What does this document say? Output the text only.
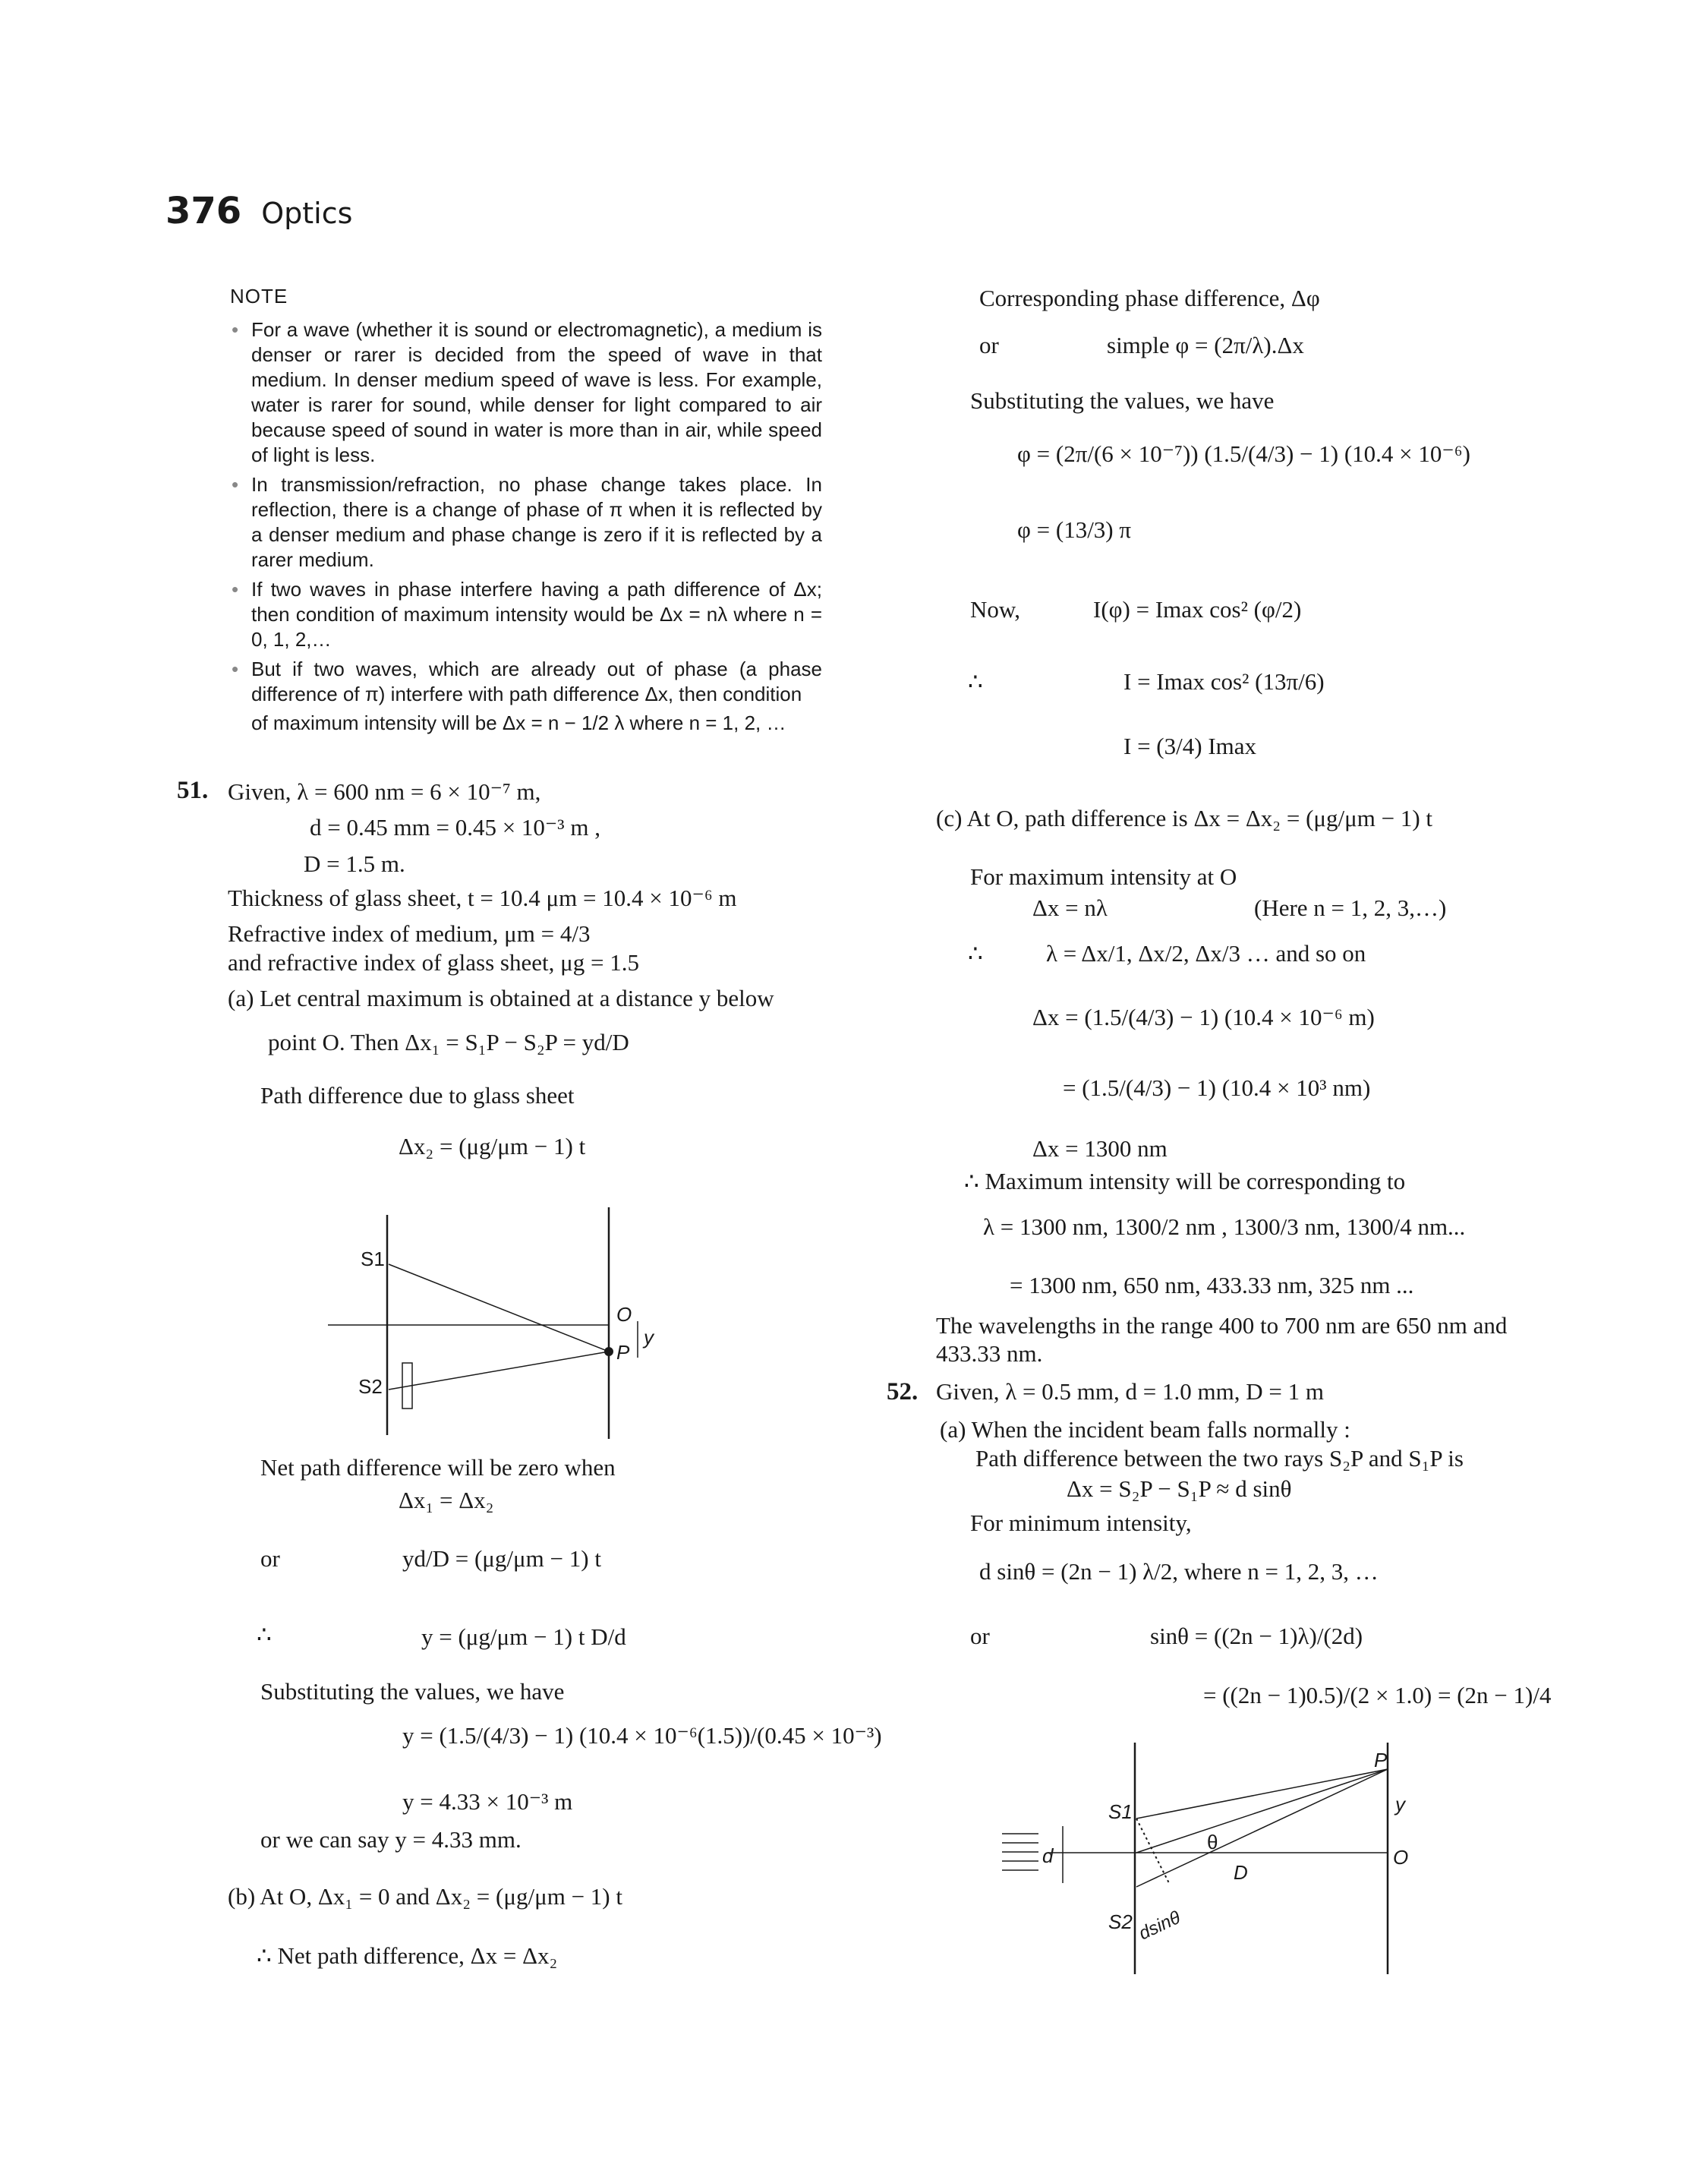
376 Optics
NOTE
• For a wave (whether it is sound or electromagnetic), a medium is denser or rarer is decided from the speed of wave in that medium. In denser medium speed of wave is less. For example, water is rarer for sound, while denser for light compared to air because speed of sound in water is more than in air, while speed of light is less.
• In transmission/refraction, no phase change takes place. In reflection, there is a change of phase of π when it is reflected by a denser medium and phase change is zero if it is reflected by a rarer medium.
• If two waves in phase interfere having a path difference of Δx; then condition of maximum intensity would be Δx = nλ where n = 0, 1, 2,…
• But if two waves, which are already out of phase (a phase difference of π) interfere with path difference Δx, then condition
of maximum intensity will be Δx = n − 1/2 λ where n = 1, 2, …
51. Given, λ = 600 nm = 6 × 10⁻⁷ m,
d = 0.45 mm = 0.45 × 10⁻³ m ,
D = 1.5 m.
Thickness of glass sheet, t = 10.4 μm = 10.4 × 10⁻⁶ m
Refractive index of medium, μm = 4/3
and refractive index of glass sheet, μg = 1.5
(a) Let central maximum is obtained at a distance y below
point O. Then Δx₁ = S₁P − S₂P = yd/D
Path difference due to glass sheet
Δx₂ = (μg/μm − 1) t
S1
S2
O
P
y
Net path difference will be zero when
Δx₁ = Δx₂
or	yd/D = (μg/μm − 1) t
∴	y = (μg/μm − 1) t D/d
Substituting the values, we have
y = (1.5/(4/3) − 1) (10.4 × 10⁻⁶(1.5))/(0.45 × 10⁻³)
y = 4.33 × 10⁻³ m
or we can say y = 4.33 mm.
(b) At O, Δx₁ = 0 and Δx₂ = (μg/μm − 1) t
∴ Net path difference, Δx = Δx₂
Corresponding phase difference, Δφ
or	simple φ = (2π/λ).Δx
Substituting the values, we have
φ = (2π/(6 × 10⁻⁷)) (1.5/(4/3) − 1) (10.4 × 10⁻⁶)
φ = (13/3) π
Now,	I(φ) = Imax cos² (φ/2)
∴	I = Imax cos² (13π/6)
I = (3/4) Imax
(c) At O, path difference is Δx = Δx₂ = (μg/μm − 1) t
For maximum intensity at O
Δx = nλ	(Here n = 1, 2, 3,…)
∴	λ = Δx/1, Δx/2, Δx/3 … and so on
Δx = (1.5/(4/3) − 1) (10.4 × 10⁻⁶ m)
= (1.5/(4/3) − 1) (10.4 × 10³ nm)
Δx = 1300 nm
∴ Maximum intensity will be corresponding to
λ = 1300 nm, 1300/2 nm , 1300/3 nm, 1300/4 nm...
= 1300 nm, 650 nm, 433.33 nm, 325 nm ...
The wavelengths in the range 400 to 700 nm are 650 nm and
433.33 nm.
52. Given, λ = 0.5 mm, d = 1.0 mm, D = 1 m
(a) When the incident beam falls normally :
Path difference between the two rays S₂P and S₁P is
Δx = S₂P − S₁P ≈ d sinθ
For minimum intensity,
d sinθ = (2n − 1) λ/2, where n = 1, 2, 3, …
or	sinθ = ((2n − 1)λ)/(2d)
= ((2n − 1)0.5)/(2 × 1.0) = (2n − 1)/4
P
S1
θ
y
O
d
D
S2 dsinθ
